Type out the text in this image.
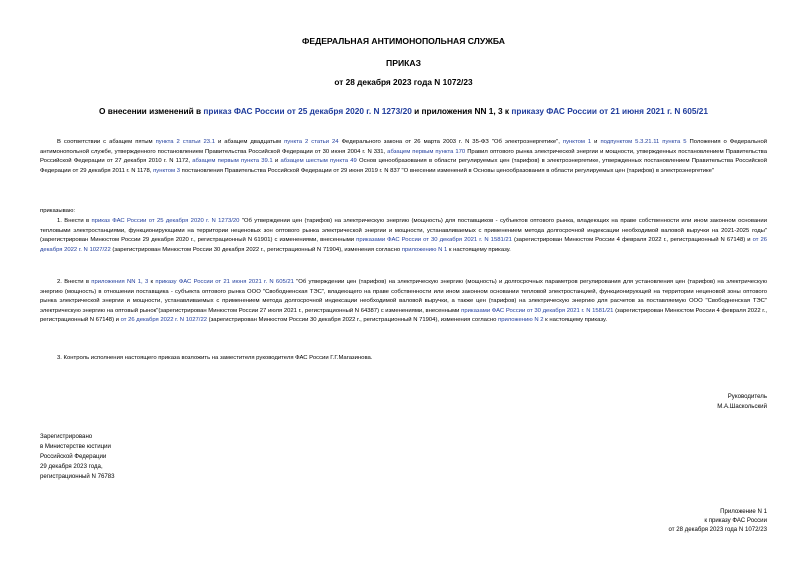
ФЕДЕРАЛЬНАЯ АНТИМОНОПОЛЬНАЯ СЛУЖБА
ПРИКАЗ
от 28 декабря 2023 года N 1072/23
О внесении изменений в приказ ФАС России от 25 декабря 2020 г. N 1273/20 и приложения NN 1, 3 к приказу ФАС России от 21 июня 2021 г. N 605/21

В соответствии с абзацем пятым пункта 2 статьи 23.1 и абзацем двадцатым пункта 2 статьи 24 Федерального закона от 26 марта 2003 г. N 35-ФЗ "Об электроэнергетике", пунктом 1 и подпунктом 5.3.21.11 пункта 5 Положения о Федеральной антимонопольной службе, утвержденного постановлением Правительства Российской Федерации от 30 июня 2004 г. N 331, абзацем первым пункта 170 Правил оптового рынка электрической энергии и мощности, утвержденных постановлением Правительства Российской Федерации от 27 декабря 2010 г. N 1172, абзацем первым пункта 39.1 и абзацем шестым пункта 49 Основ ценообразования в области регулируемых цен (тарифов) в электроэнергетике, утвержденных постановлением Правительства Российской Федерации от 29 декабря 2011 г. N 1178, пунктом 3 постановления Правительства Российской Федерации от 29 июня 2019 г. N 837 "О внесении изменений в Основы ценообразования в области регулируемых цен (тарифов) в электроэнергетике"

приказываю:

1. Внести в приказ ФАС России от 25 декабря 2020 г. N 1273/20 "Об утверждении цен (тарифов) на электрическую энергию (мощность) для поставщиков - субъектов оптового рынка, владеющих на праве собственности или ином законном основании тепловыми электростанциями, функционирующими на территории неценовых зон оптового рынка электрической энергии и мощности, устанавливаемых с применением метода долгосрочной индексации необходимой валовой выручки на 2021-2025 годы" (зарегистрирован Минюстом России 29 декабря 2020 г., регистрационный N 61901) с изменениями, внесенными приказами ФАС России от 30 декабря 2021 г. N 1581/21 (зарегистрирован Минюстом России 4 февраля 2022 г., регистрационный N 67148) и от 26 декабря 2022 г. N 1027/22 (зарегистрирован Минюстом России 30 декабря 2022 г., регистрационный N 71904), изменения согласно приложению N 1 к настоящему приказу.

2. Внести в приложения NN 1, 3 к приказу ФАС России от 21 июня 2021 г. N 605/21 "Об утверждении цен (тарифов) на электрическую энергию (мощность) и долгосрочных параметров регулирования для установления цен (тарифов) на электрическую энергию (мощность) в отношении поставщика - субъекта оптового рынка ООО "Свободненская ТЭС", владеющего на праве собственности или ином законном основании тепловой электростанцией, функционирующей на территории неценовой зоны оптового рынка электрической энергии и мощности, устанавливаемых с применением метода долгосрочной индексации необходимой валовой выручки, а также цен (тарифов) на электрическую энергию для расчетов за поставляемую ООО "Свободненская ТЭС" электрическую энергию на оптовый рынок"(зарегистрирован Минюстом России 27 июля 2021 г., регистрационный N 64387) с изменениями, внесенными приказами ФАС России от 30 декабря 2021 г. N 1581/21 (зарегистрирован Минюстом России 4 февраля 2022 г., регистрационный N 67148) и от 26 декабря 2022 г. N 1027/22 (зарегистрирован Минюстом России 30 декабря 2022 г., регистрационный N 71904), изменения согласно приложению N 2 к настоящему приказу.

3. Контроль исполнения настоящего приказа возложить на заместителя руководителя ФАС России Г.Г.Магазинова.

Руководитель
М.А.Шаскольский
Зарегистрировано
в Министерстве юстиции
Российской Федерации
29 декабря 2023 года,
регистрационный N 76783
Приложение N 1
к приказу ФАС России
от 28 декабря 2023 года N 1072/23
